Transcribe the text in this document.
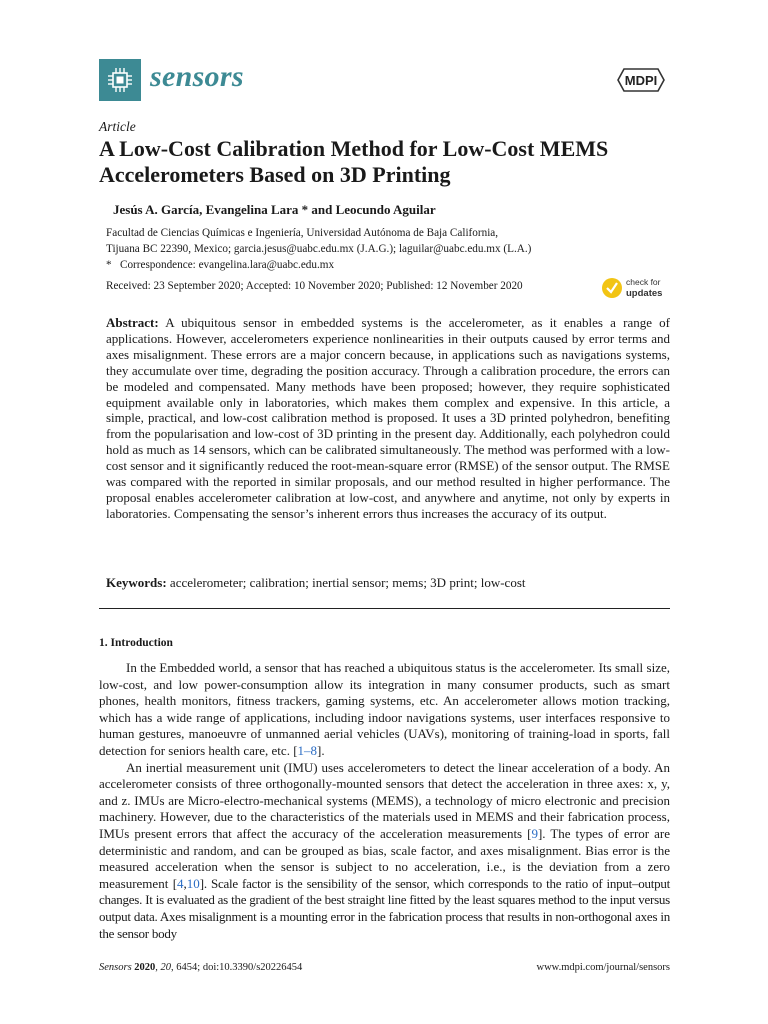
sensors	MDPI
Article
A Low-Cost Calibration Method for Low-Cost MEMS
Accelerometers Based on 3D Printing
Jesús A. García, Evangelina Lara * and Leocundo Aguilar
Facultad de Ciencias Químicas e Ingeniería, Universidad Autónoma de Baja California,
Tijuana BC 22390, Mexico; garcia.jesus@uabc.edu.mx (J.A.G.); laguilar@uabc.edu.mx (L.A.)
* Correspondence: evangelina.lara@uabc.edu.mx
Received: 23 September 2020; Accepted: 10 November 2020; Published: 12 November 2020	check for
updates
Abstract: A ubiquitous sensor in embedded systems is the accelerometer, as it enables a range of applications. However, accelerometers experience nonlinearities in their outputs caused by error terms and axes misalignment. These errors are a major concern because, in applications such as navigations systems, they accumulate over time, degrading the position accuracy. Through a calibration procedure, the errors can be modeled and compensated. Many methods have been proposed; however, they require sophisticated equipment available only in laboratories, which makes them complex and expensive. In this article, a simple, practical, and low-cost calibration method is proposed. It uses a 3D printed polyhedron, benefiting from the popularisation and low-cost of 3D printing in the present day. Additionally, each polyhedron could hold as much as 14 sensors, which can be calibrated simultaneously. The method was performed with a low-cost sensor and it significantly reduced the root-mean-square error (RMSE) of the sensor output. The RMSE was compared with the reported in similar proposals, and our method resulted in higher performance. The proposal enables accelerometer calibration at low-cost, and anywhere and anytime, not only by experts in laboratories. Compensating the sensor’s inherent errors thus increases the accuracy of its output.
Keywords: accelerometer; calibration; inertial sensor; mems; 3D print; low-cost
1. Introduction

In the Embedded world, a sensor that has reached a ubiquitous status is the accelerometer. Its small size, low-cost, and low power-consumption allow its integration in many consumer products, such as smart phones, health monitors, fitness trackers, gaming systems, etc. An accelerometer allows motion tracking, which has a wide range of applications, including indoor navigations systems, user interfaces responsive to human gestures, manoeuvre of unmanned aerial vehicles (UAVs), monitoring of training-load in sports, fall detection for seniors health care, etc. [1–8].

An inertial measurement unit (IMU) uses accelerometers to detect the linear acceleration of a body. An accelerometer consists of three orthogonally-mounted sensors that detect the acceleration in three axes: x, y, and z. IMUs are Micro-electro-mechanical systems (MEMS), a technology of micro electronic and precision machinery. However, due to the characteristics of the materials used in MEMS and their fabrication process, IMUs present errors that affect the accuracy of the acceleration measurements [9]. The types of error are deterministic and random, and can be grouped as bias, scale factor, and axes misalignment. Bias error is the measured acceleration when the sensor is subject to no acceleration, i.e., is the deviation from a zero measurement [4,10]. Scale factor is the sensibility of the sensor, which corresponds to the ratio of input–output changes. It is evaluated as the gradient of the best straight line fitted by the least squares method to the input versus output data. Axes misalignment is a mounting error in the fabrication process that results in non-orthogonal axes in the sensor body

Sensors 2020, 20, 6454; doi:10.3390/s20226454	www.mdpi.com/journal/sensors
